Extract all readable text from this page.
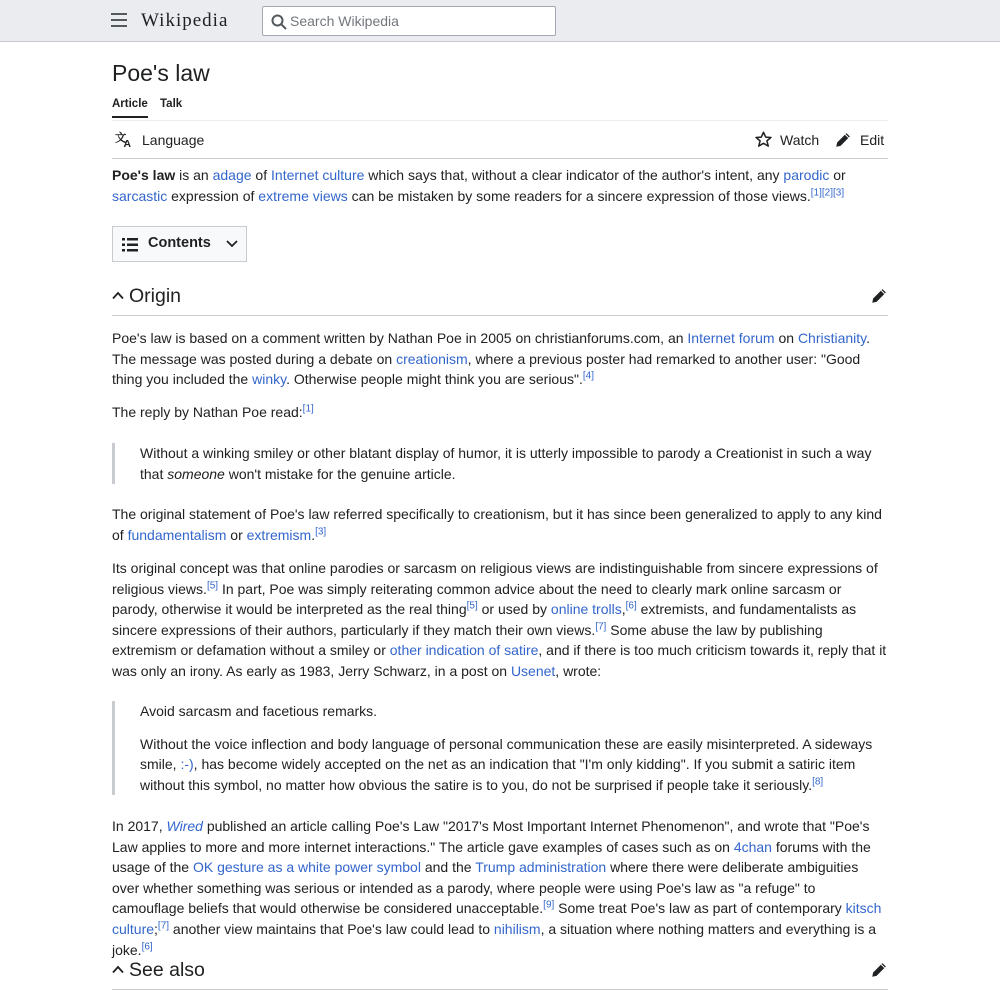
Wikipedia
Search Wikipedia
Poe's law
Article Talk
文
A Language	Watch	Edit

Poe's law is an adage of Internet culture which says that, without a clear indicator of the author's intent, any parodic or sarcastic expression of extreme views can be mistaken by some readers for a sincere expression of those views.[1][2][3]

Contents
Origin

Poe's law is based on a comment written by Nathan Poe in 2005 on christianforums.com, an Internet forum on Christianity. The message was posted during a debate on creationism, where a previous poster had remarked to another user: "Good thing you included the winky. Otherwise people might think you are serious".[4]

The reply by Nathan Poe read:[1]

Without a winking smiley or other blatant display of humor, it is utterly impossible to parody a Creationist in such a way that someone won't mistake for the genuine article.

The original statement of Poe's law referred specifically to creationism, but it has since been generalized to apply to any kind of fundamentalism or extremism.[3]

Its original concept was that online parodies or sarcasm on religious views are indistinguishable from sincere expressions of religious views.[5] In part, Poe was simply reiterating common advice about the need to clearly mark online sarcasm or parody, otherwise it would be interpreted as the real thing[5] or used by online trolls,[6] extremists, and fundamentalists as sincere expressions of their authors, particularly if they match their own views.[7] Some abuse the law by publishing extremism or defamation without a smiley or other indication of satire, and if there is too much criticism towards it, reply that it was only an irony. As early as 1983, Jerry Schwarz, in a post on Usenet, wrote:

Avoid sarcasm and facetious remarks.
Without the voice inflection and body language of personal communication these are easily misinterpreted. A sideways smile, :-), has become widely accepted on the net as an indication that "I'm only kidding". If you submit a satiric item without this symbol, no matter how obvious the satire is to you, do not be surprised if people take it seriously.[8]

In 2017, Wired published an article calling Poe's Law "2017's Most Important Internet Phenomenon", and wrote that "Poe's Law applies to more and more internet interactions." The article gave examples of cases such as on 4chan forums with the usage of the OK gesture as a white power symbol and the Trump administration where there were deliberate ambiguities over whether something was serious or intended as a parody, where people were using Poe's law as "a refuge" to camouflage beliefs that would otherwise be considered unacceptable.[9] Some treat Poe's law as part of contemporary kitsch culture;[7] another view maintains that Poe's law could lead to nihilism, a situation where nothing matters and everything is a joke.[6]

See also
